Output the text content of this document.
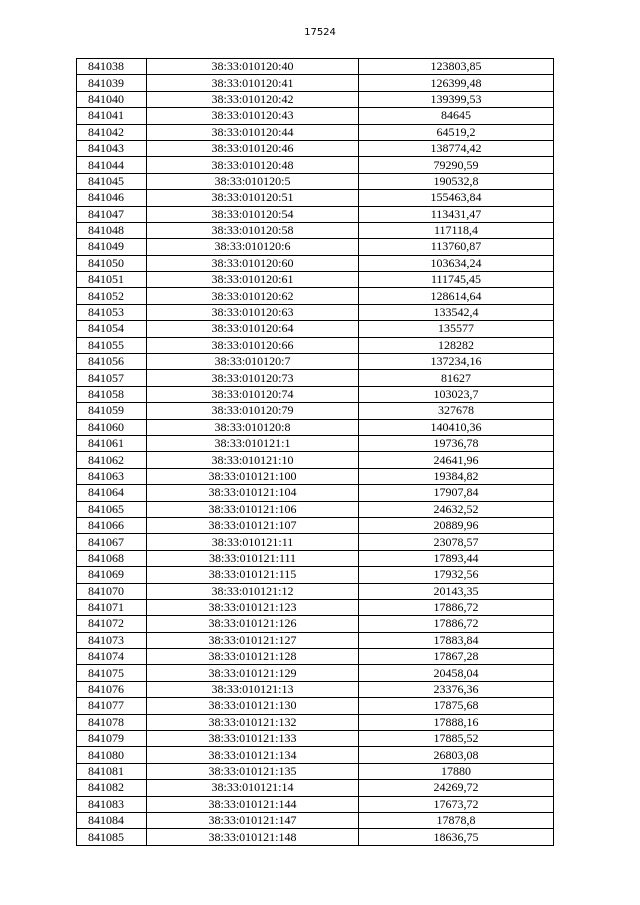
17524
841038	38:33:010120:40	123803,85
841039	38:33:010120:41	126399,48
841040	38:33:010120:42	139399,53
841041	38:33:010120:43	84645
841042	38:33:010120:44	64519,2
841043	38:33:010120:46	138774,42
841044	38:33:010120:48	79290,59
841045	38:33:010120:5	190532,8
841046	38:33:010120:51	155463,84
841047	38:33:010120:54	113431,47
841048	38:33:010120:58	117118,4
841049	38:33:010120:6	113760,87
841050	38:33:010120:60	103634,24
841051	38:33:010120:61	111745,45
841052	38:33:010120:62	128614,64
841053	38:33:010120:63	133542,4
841054	38:33:010120:64	135577
841055	38:33:010120:66	128282
841056	38:33:010120:7	137234,16
841057	38:33:010120:73	81627
841058	38:33:010120:74	103023,7
841059	38:33:010120:79	327678
841060	38:33:010120:8	140410,36
841061	38:33:010121:1	19736,78
841062	38:33:010121:10	24641,96
841063	38:33:010121:100	19384,82
841064	38:33:010121:104	17907,84
841065	38:33:010121:106	24632,52
841066	38:33:010121:107	20889,96
841067	38:33:010121:11	23078,57
841068	38:33:010121:111	17893,44
841069	38:33:010121:115	17932,56
841070	38:33:010121:12	20143,35
841071	38:33:010121:123	17886,72
841072	38:33:010121:126	17886,72
841073	38:33:010121:127	17883,84
841074	38:33:010121:128	17867,28
841075	38:33:010121:129	20458,04
841076	38:33:010121:13	23376,36
841077	38:33:010121:130	17875,68
841078	38:33:010121:132	17888,16
841079	38:33:010121:133	17885,52
841080	38:33:010121:134	26803,08
841081	38:33:010121:135	17880
841082	38:33:010121:14	24269,72
841083	38:33:010121:144	17673,72
841084	38:33:010121:147	17878,8
841085	38:33:010121:148	18636,75
